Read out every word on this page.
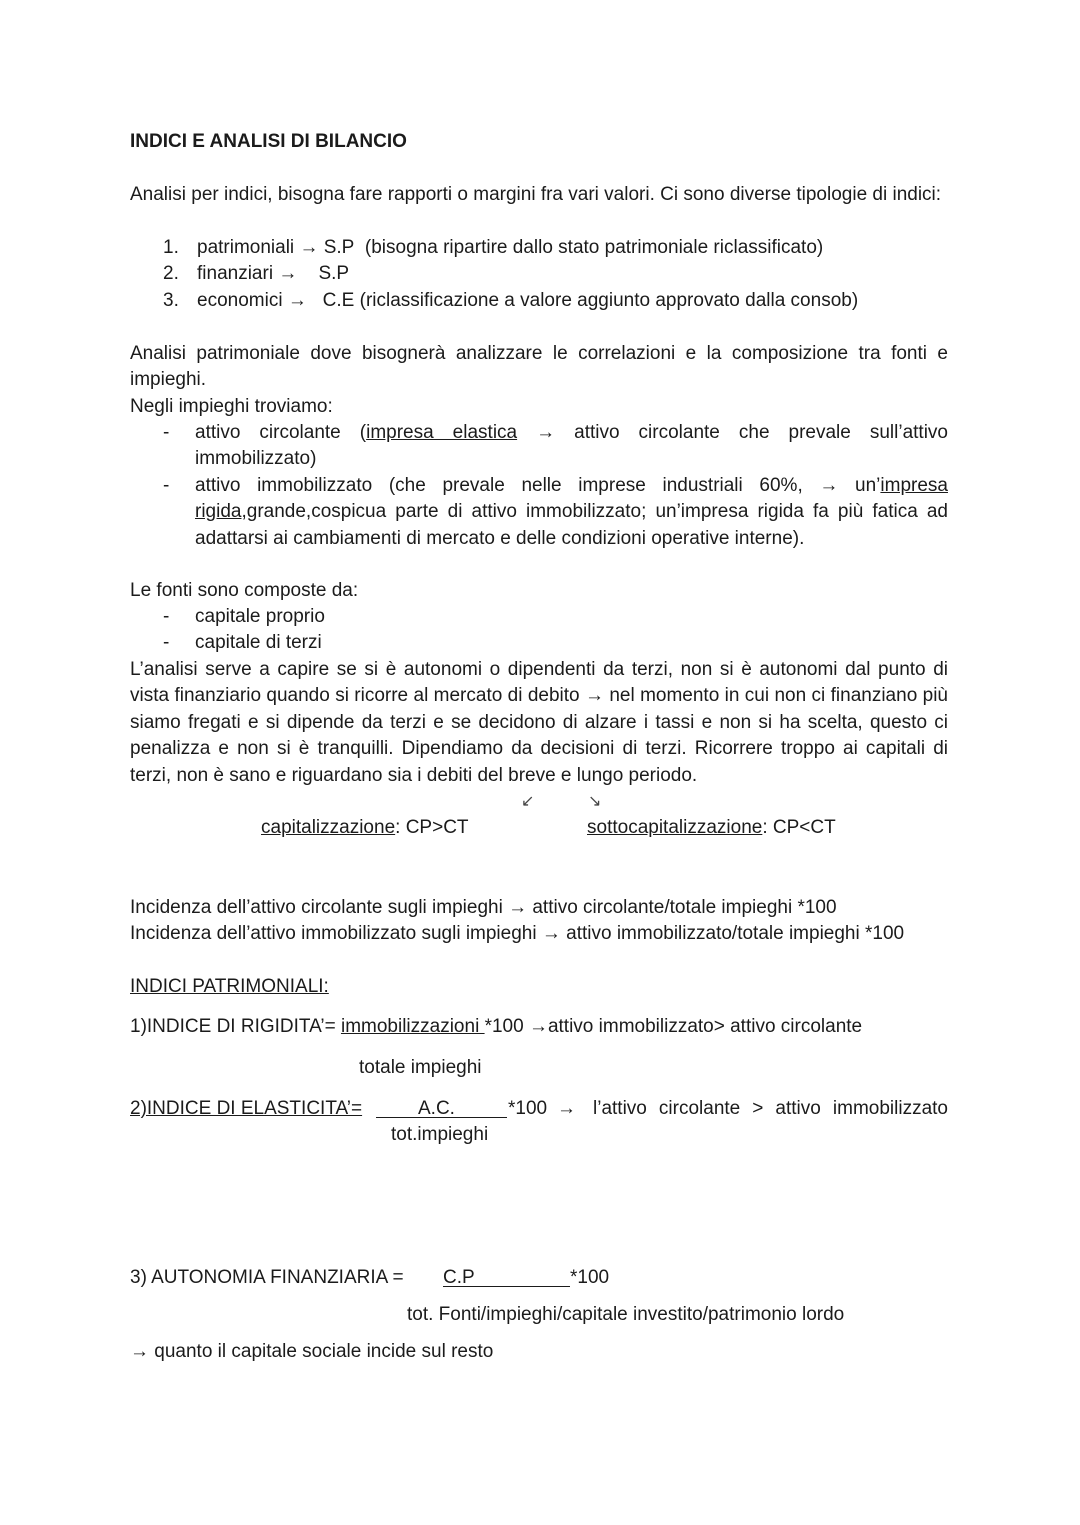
INDICI E ANALISI DI BILANCIO

Analisi per indici, bisogna fare rapporti o margini fra vari valori. Ci sono diverse tipologie di indici:

1. patrimoniali → S.P (bisogna ripartire dallo stato patrimoniale riclassificato)
2. finanziari → S.P
3. economici → C.E (riclassificazione a valore aggiunto approvato dalla consob)

Analisi patrimoniale dove bisognerà analizzare le correlazioni e la composizione tra fonti e impieghi.

Negli impieghi troviamo:

- attivo circolante (impresa elastica → attivo circolante che prevale sull’attivo immobilizzato)
- attivo immobilizzato (che prevale nelle imprese industriali 60%, → un’impresa rigida,grande,cospicua parte di attivo immobilizzato; un’impresa rigida fa più fatica ad adattarsi ai cambiamenti di mercato e delle condizioni operative interne).

Le fonti sono composte da:

- capitale proprio
- capitale di terzi

L’analisi serve a capire se si è autonomi o dipendenti da terzi, non si è autonomi dal punto di vista finanziario quando si ricorre al mercato di debito → nel momento in cui non ci finanziano più siamo fregati e si dipende da terzi e se decidono di alzare i tassi e non si ha scelta, questo ci penalizza e non si è tranquilli. Dipendiamo da decisioni di terzi. Ricorrere troppo ai capitali di terzi, non è sano e riguardano sia i debiti del breve e lungo periodo.

↙	↘

capitalizzazione: CP>CT	sottocapitalizzazione: CP<CT

Incidenza dell’attivo circolante sugli impieghi → attivo circolante/totale impieghi *100

Incidenza dell’attivo immobilizzato sugli impieghi → attivo immobilizzato/totale impieghi *100

INDICI PATRIMONIALI:

1)INDICE DI RIGIDITA’= immobilizzazioni *100 →attivo immobilizzato> attivo circolante

totale impieghi

2)INDICE DI ELASTICITA’=	A.C.	*100 → l’attivo circolante > attivo immobilizzato

tot.impieghi

3) AUTONOMIA FINANZIARIA = C.P	*100

tot. Fonti/impieghi/capitale investito/patrimonio lordo

→ quanto il capitale sociale incide sul resto
